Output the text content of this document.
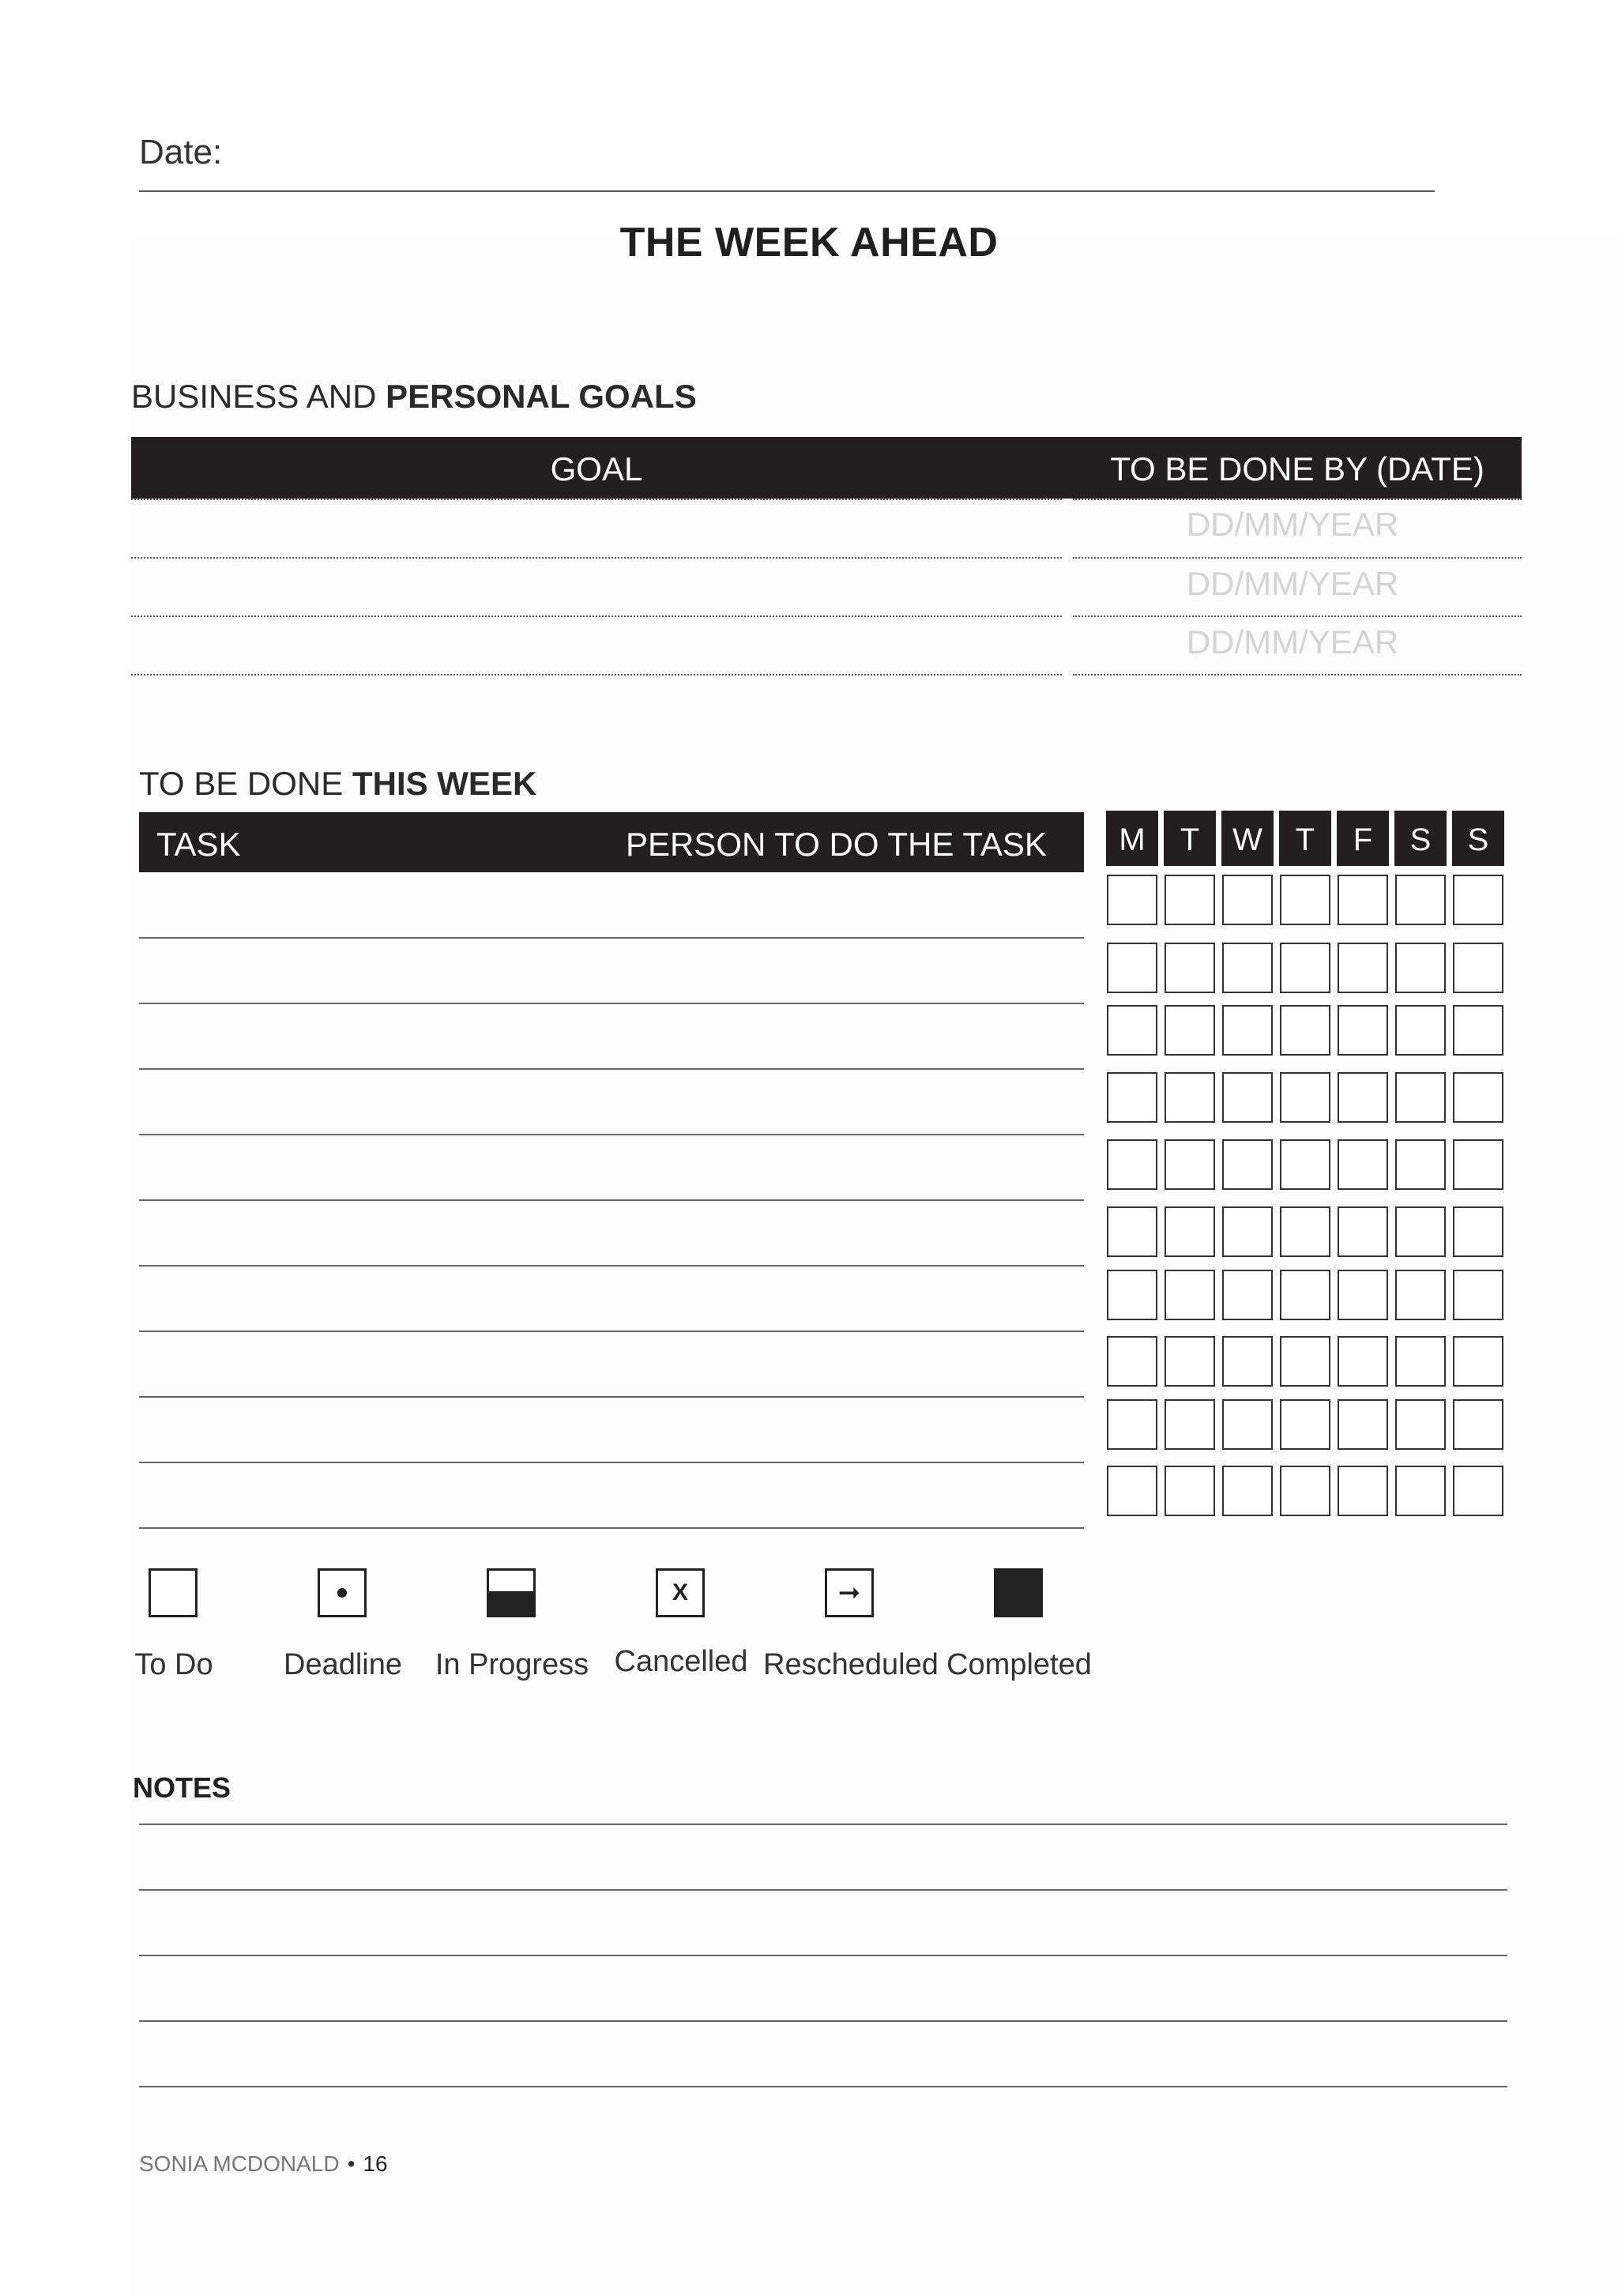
Date:
THE WEEK AHEAD
BUSINESS AND PERSONAL GOALS
GOAL	TO BE DONE BY (DATE)
DD/MM/YEAR
DD/MM/YEAR
DD/MM/YEAR
TO BE DONE THIS WEEK
TASK	PERSON TO DO THE TASK	M	T	W	T	F	S	S
To Do	Deadline	In Progress
X
Cancelled
➞
Rescheduled Completed
NOTES
SONIA MCDONALD • 16
